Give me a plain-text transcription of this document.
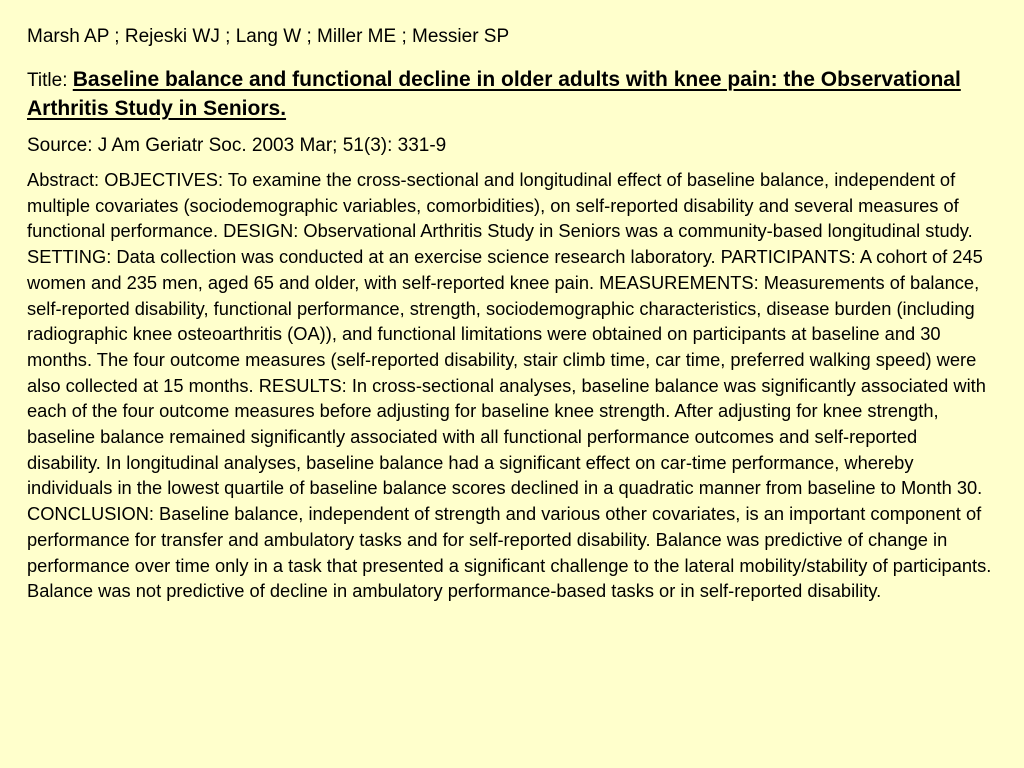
Marsh AP ; Rejeski WJ ; Lang W ; Miller ME ; Messier SP
Title: Baseline balance and functional decline in older adults with knee pain: the Observational Arthritis Study in Seniors.
Source: J Am Geriatr Soc. 2003 Mar; 51(3): 331-9
Abstract: OBJECTIVES: To examine the cross-sectional and longitudinal effect of baseline balance, independent of multiple covariates (sociodemographic variables, comorbidities), on self-reported disability and several measures of functional performance. DESIGN: Observational Arthritis Study in Seniors was a community-based longitudinal study. SETTING: Data collection was conducted at an exercise science research laboratory. PARTICIPANTS: A cohort of 245 women and 235 men, aged 65 and older, with self-reported knee pain. MEASUREMENTS: Measurements of balance, self-reported disability, functional performance, strength, sociodemographic characteristics, disease burden (including radiographic knee osteoarthritis (OA)), and functional limitations were obtained on participants at baseline and 30 months. The four outcome measures (self-reported disability, stair climb time, car time, preferred walking speed) were also collected at 15 months. RESULTS: In cross-sectional analyses, baseline balance was significantly associated with each of the four outcome measures before adjusting for baseline knee strength. After adjusting for knee strength, baseline balance remained significantly associated with all functional performance outcomes and self-reported disability. In longitudinal analyses, baseline balance had a significant effect on car-time performance, whereby individuals in the lowest quartile of baseline balance scores declined in a quadratic manner from baseline to Month 30. CONCLUSION: Baseline balance, independent of strength and various other covariates, is an important component of performance for transfer and ambulatory tasks and for self-reported disability. Balance was predictive of change in performance over time only in a task that presented a significant challenge to the lateral mobility/stability of participants. Balance was not predictive of decline in ambulatory performance-based tasks or in self-reported disability.
